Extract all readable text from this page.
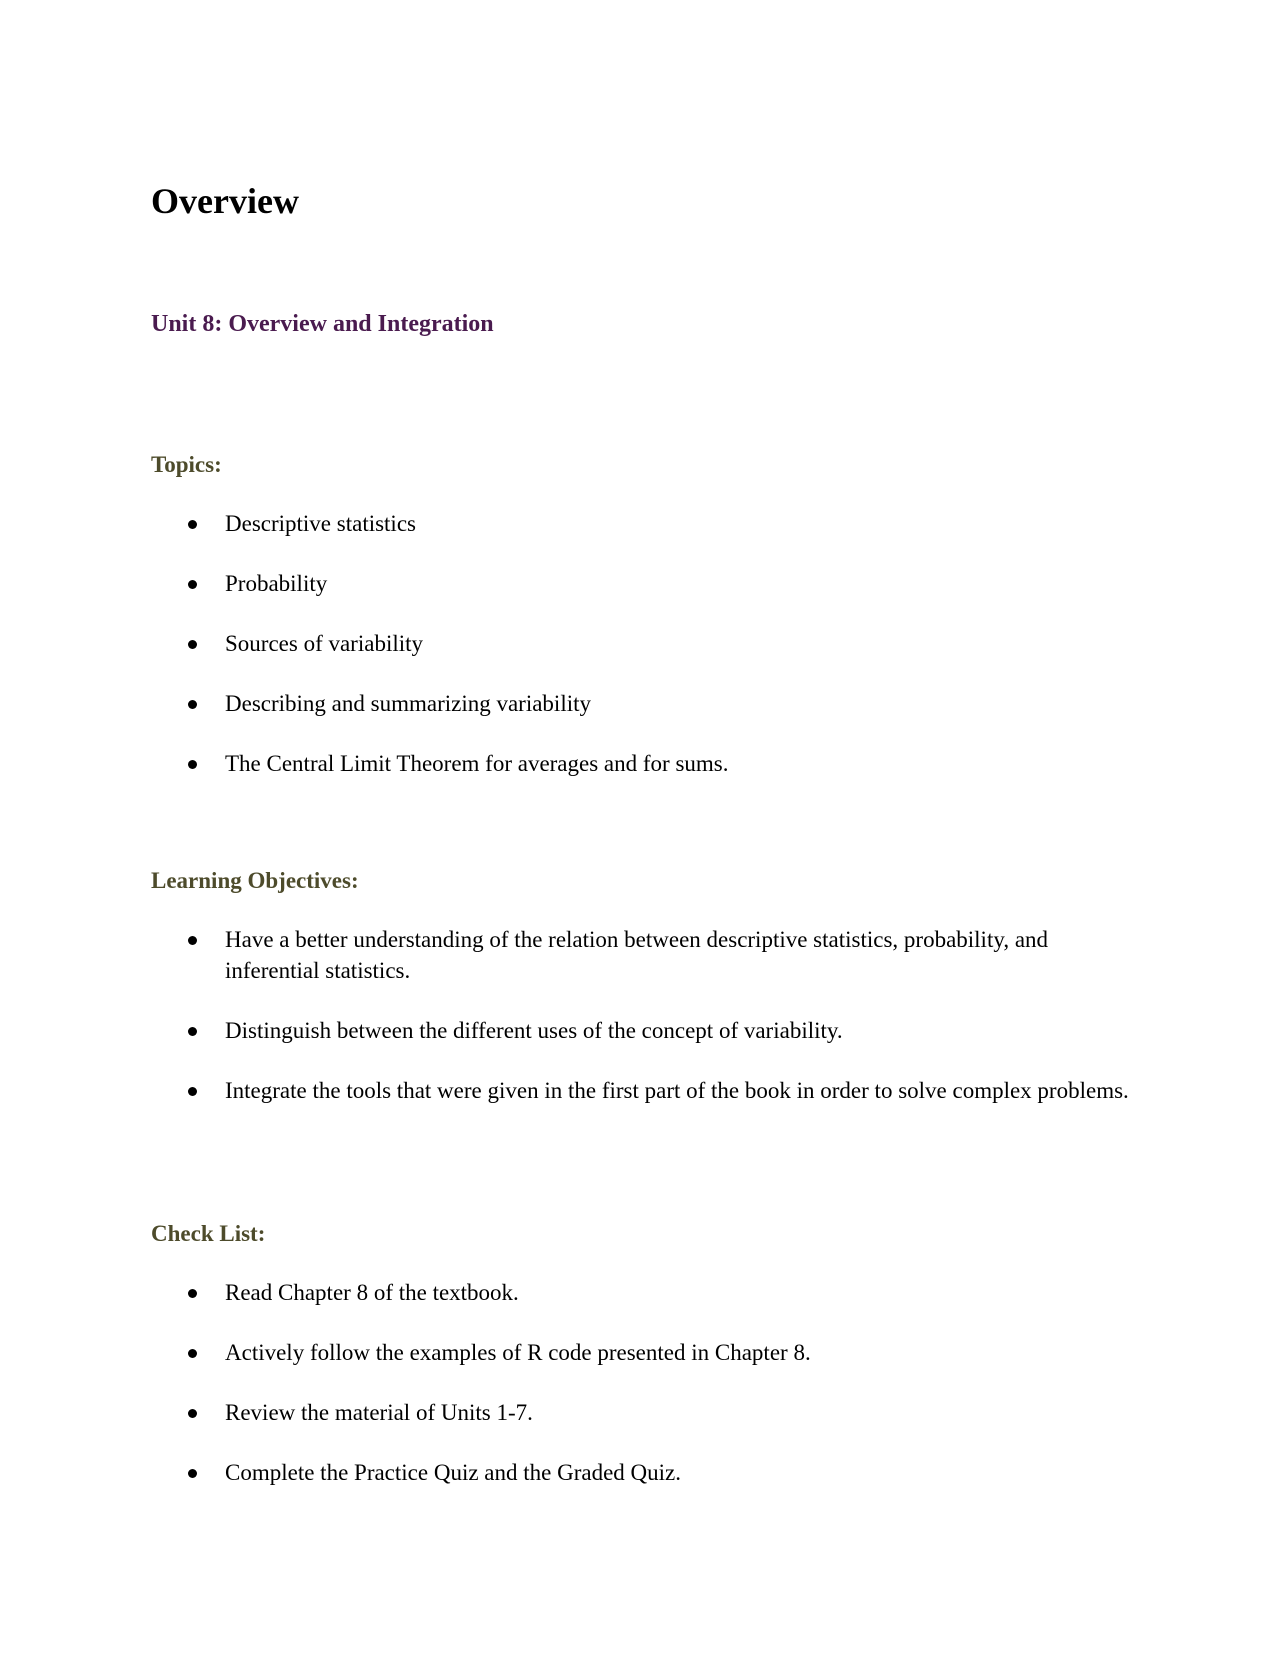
Overview
Unit 8: Overview and Integration
Topics:
Descriptive statistics
Probability
Sources of variability
Describing and summarizing variability
The Central Limit Theorem for averages and for sums.
Learning Objectives:
Have a better understanding of the relation between descriptive statistics, probability, and inferential statistics.
Distinguish between the different uses of the concept of variability.
Integrate the tools that were given in the first part of the book in order to solve complex problems.
Check List:
Read Chapter 8 of the textbook.
Actively follow the examples of R code presented in Chapter 8.
Review the material of Units 1-7.
Complete the Practice Quiz and the Graded Quiz.
